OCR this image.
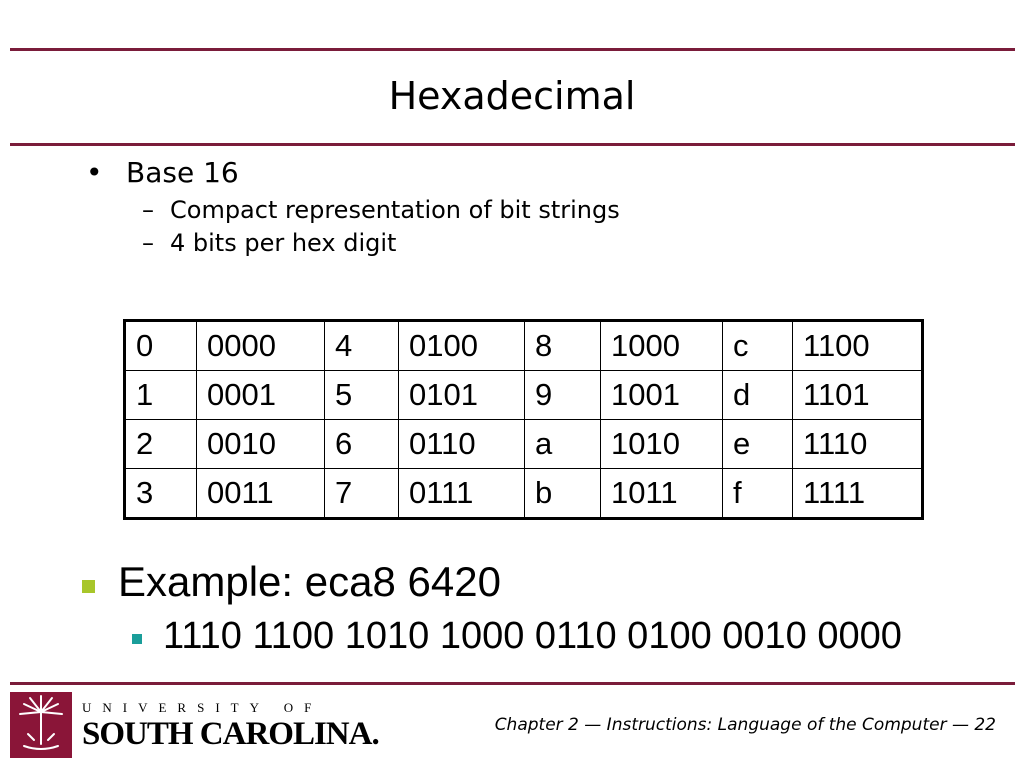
Hexadecimal
• Base 16
– Compact representation of bit strings
– 4 bits per hex digit
0	0000	4	0100	8	1000	c	1100
1	0001	5	0101	9	1001	d	1101
2	0010	6	0110	a	1010	e	1110
3	0011	7	0111	b	1011	f	1111
Example: eca8 6420
1110 1100 1010 1000 0110 0100 0010 0000
UNIVERSITY OF
SOUTH CAROLINA.	Chapter 2 — Instructions: Language of the Computer — 22
